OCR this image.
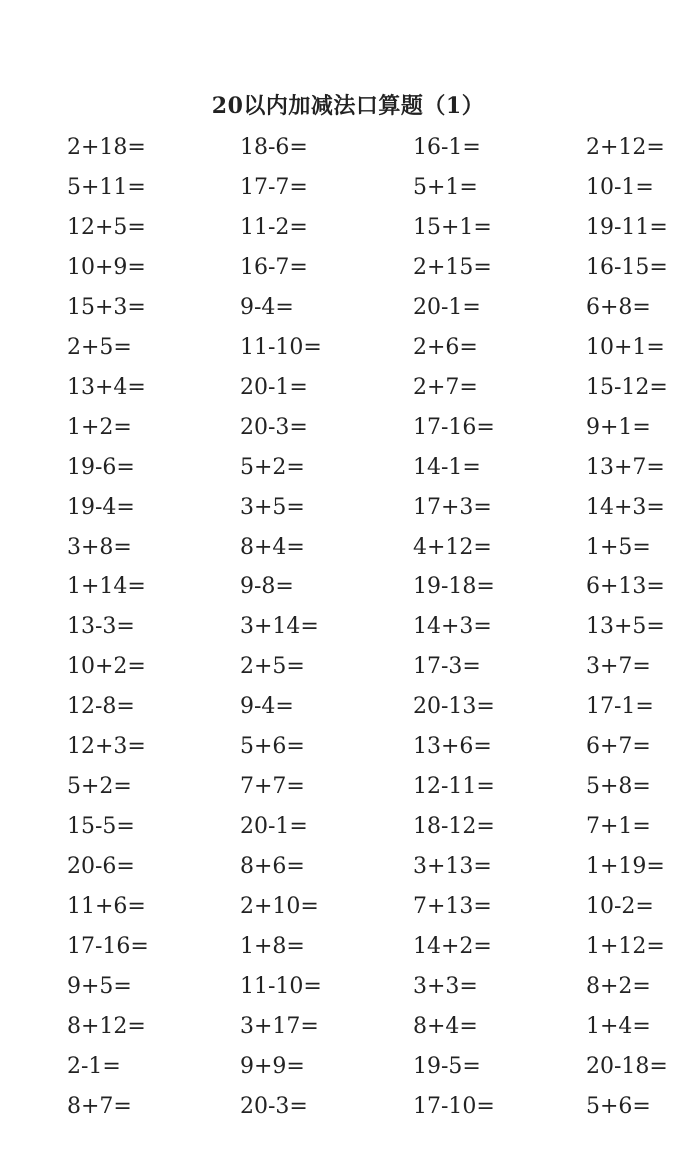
20以内加减法口算题（1）
2+18=	18-6=	16-1=	2+12=
5+11=	17-7=	5+1=	10-1=
12+5=	11-2=	15+1=	19-11=
10+9=	16-7=	2+15=	16-15=
15+3=	9-4=	20-1=	6+8=
2+5=	11-10=	2+6=	10+1=
13+4=	20-1=	2+7=	15-12=
1+2=	20-3=	17-16=	9+1=
19-6=	5+2=	14-1=	13+7=
19-4=	3+5=	17+3=	14+3=
3+8=	8+4=	4+12=	1+5=
1+14=	9-8=	19-18=	6+13=
13-3=	3+14=	14+3=	13+5=
10+2=	2+5=	17-3=	3+7=
12-8=	9-4=	20-13=	17-1=
12+3=	5+6=	13+6=	6+7=
5+2=	7+7=	12-11=	5+8=
15-5=	20-1=	18-12=	7+1=
20-6=	8+6=	3+13=	1+19=
11+6=	2+10=	7+13=	10-2=
17-16=	1+8=	14+2=	1+12=
9+5=	11-10=	3+3=	8+2=
8+12=	3+17=	8+4=	1+4=
2-1=	9+9=	19-5=	20-18=
8+7=	20-3=	17-10=	5+6=
